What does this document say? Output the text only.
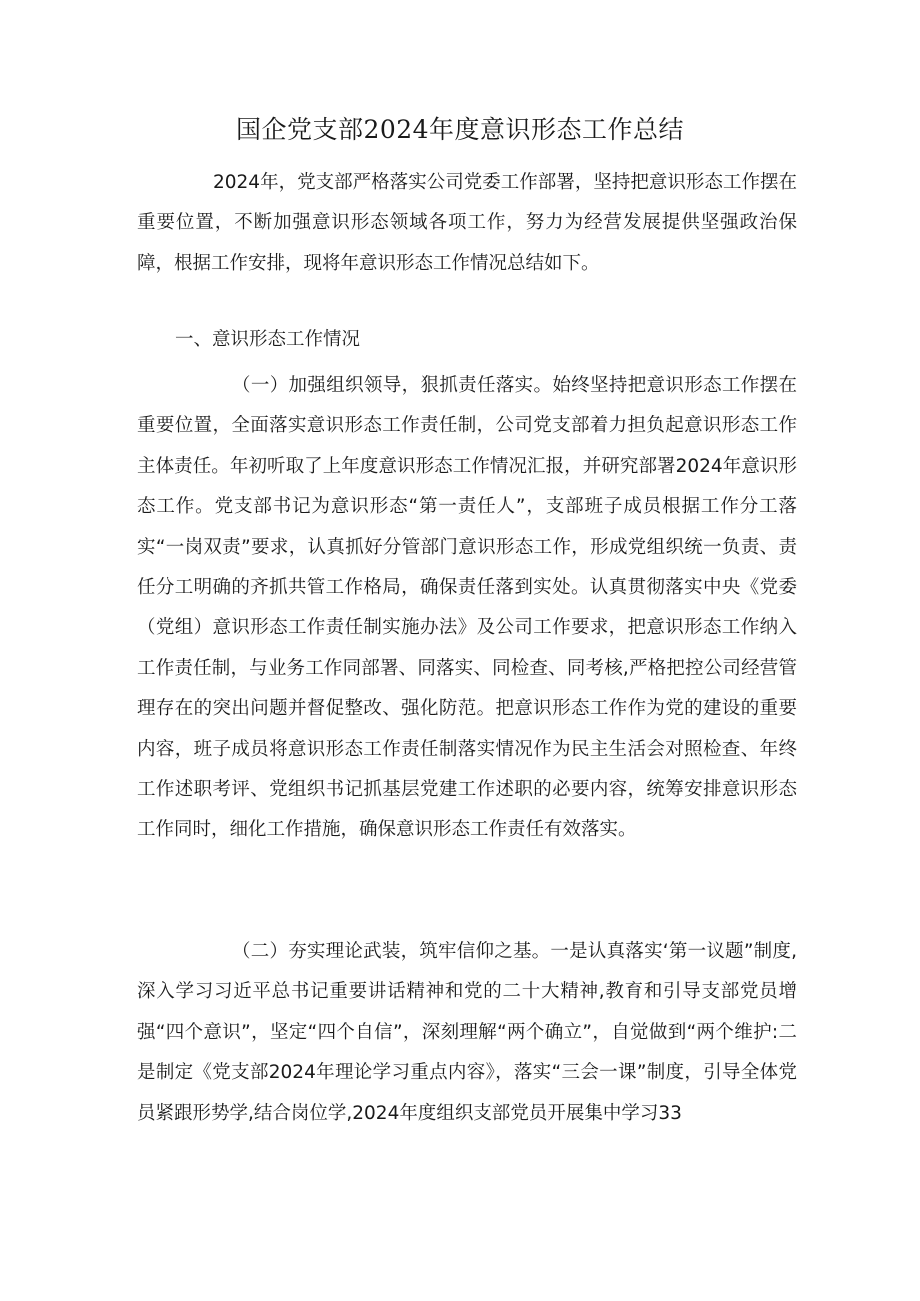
国企党支部2024年度意识形态工作总结

2024年，党支部严格落实公司党委工作部署，坚持把意识形态工作摆在重要位置，不断加强意识形态领域各项工作，努力为经营发展提供坚强政治保障，根据工作安排，现将年意识形态工作情况总结如下。

一、意识形态工作情况

（一）加强组织领导，狠抓责任落实。始终坚持把意识形态工作摆在重要位置，全面落实意识形态工作责任制，公司党支部着力担负起意识形态工作主体责任。年初听取了上年度意识形态工作情况汇报，并研究部署2024年意识形态工作。党支部书记为意识形态“第一责任人”，支部班子成员根据工作分工落实“一岗双责”要求，认真抓好分管部门意识形态工作，形成党组织统一负责、责任分工明确的齐抓共管工作格局，确保责任落到实处。认真贯彻落实中央《党委（党组）意识形态工作责任制实施办法》及公司工作要求，把意识形态工作纳入工作责任制，与业务工作同部署、同落实、同检查、同考核,严格把控公司经营管理存在的突出问题并督促整改、强化防范。把意识形态工作作为党的建设的重要内容，班子成员将意识形态工作责任制落实情况作为民主生活会对照检查、年终工作述职考评、党组织书记抓基层党建工作述职的必要内容，统筹安排意识形态工作同时，细化工作措施，确保意识形态工作责任有效落实。

（二）夯实理论武装，筑牢信仰之基。一是认真落实‘第一议题”制度,深入学习习近平总书记重要讲话精神和党的二十大精神,教育和引导支部党员增强“四个意识”，坚定“四个自信”，深刻理解“两个确立”，自觉做到“两个维护:二是制定《党支部2024年理论学习重点内容》，落实“三会一课”制度，引导全体党员紧跟形势学,结合岗位学,2024年度组织支部党员开展集中学习33
